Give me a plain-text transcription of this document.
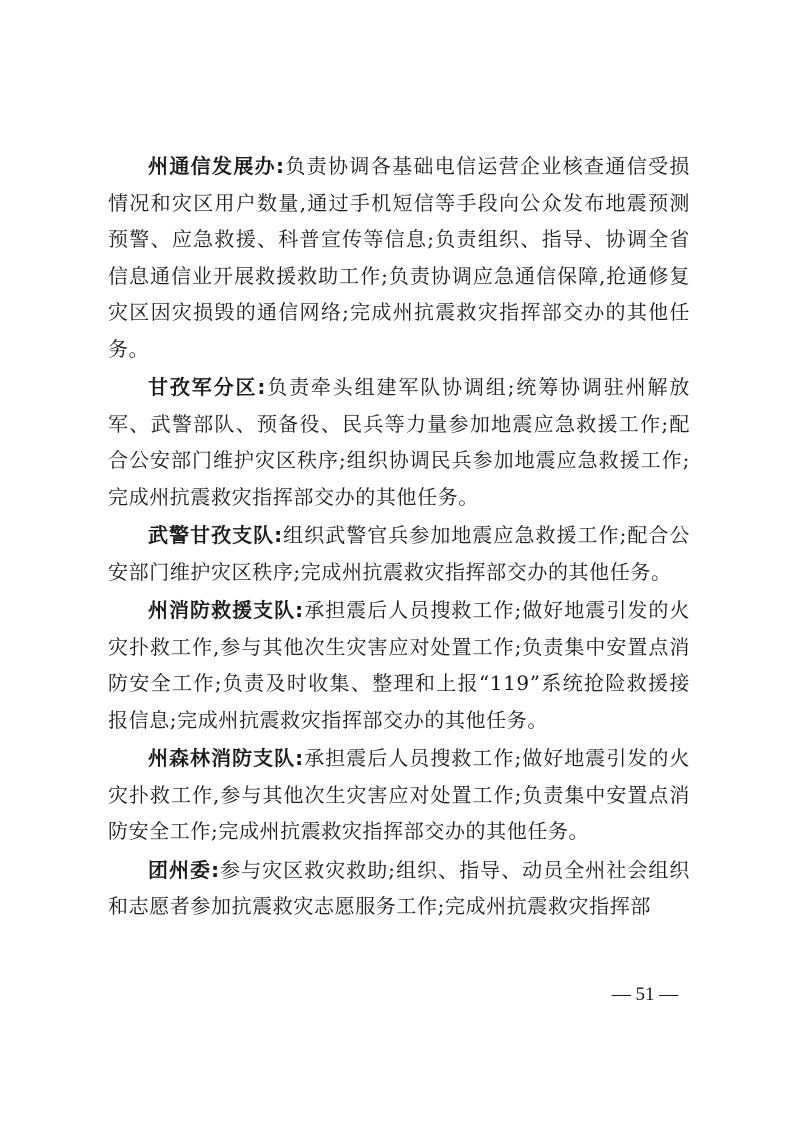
州通信发展办:负责协调各基础电信运营企业核查通信受损情况和灾区用户数量,通过手机短信等手段向公众发布地震预测预警、应急救援、科普宣传等信息;负责组织、指导、协调全省信息通信业开展救援救助工作;负责协调应急通信保障,抢通修复灾区因灾损毁的通信网络;完成州抗震救灾指挥部交办的其他任务。

甘孜军分区:负责牵头组建军队协调组;统筹协调驻州解放军、武警部队、预备役、民兵等力量参加地震应急救援工作;配合公安部门维护灾区秩序;组织协调民兵参加地震应急救援工作;完成州抗震救灾指挥部交办的其他任务。

武警甘孜支队:组织武警官兵参加地震应急救援工作;配合公安部门维护灾区秩序;完成州抗震救灾指挥部交办的其他任务。

州消防救援支队:承担震后人员搜救工作;做好地震引发的火灾扑救工作,参与其他次生灾害应对处置工作;负责集中安置点消防安全工作;负责及时收集、整理和上报“119”系统抢险救援接报信息;完成州抗震救灾指挥部交办的其他任务。

州森林消防支队:承担震后人员搜救工作;做好地震引发的火灾扑救工作,参与其他次生灾害应对处置工作;负责集中安置点消防安全工作;完成州抗震救灾指挥部交办的其他任务。

团州委:参与灾区救灾救助;组织、指导、动员全州社会组织和志愿者参加抗震救灾志愿服务工作;完成州抗震救灾指挥部

— 51 —
